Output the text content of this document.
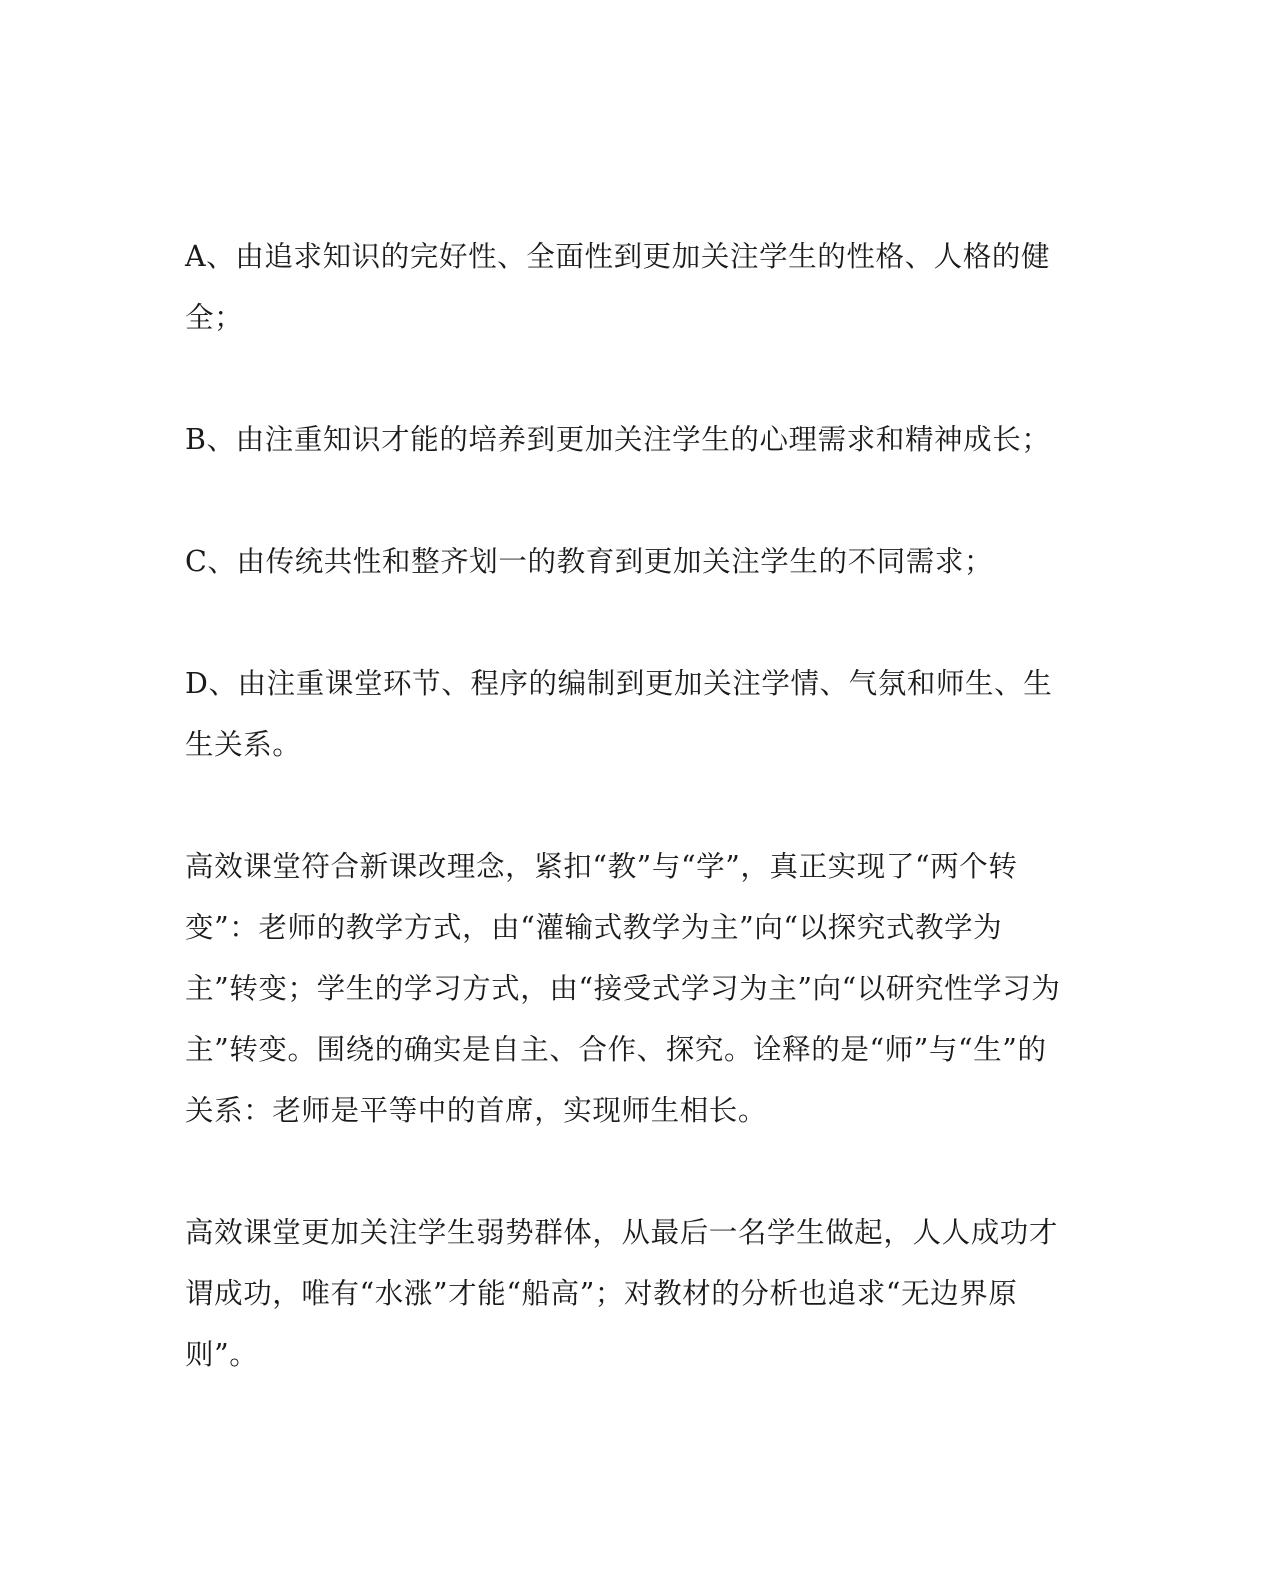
A、由追求知识的完好性、全面性到更加关注学生的性格、人格的健全；

B、由注重知识才能的培养到更加关注学生的心理需求和精神成长；

C、由传统共性和整齐划一的教育到更加关注学生的不同需求；

D、由注重课堂环节、程序的编制到更加关注学情、气氛和师生、生生关系。

高效课堂符合新课改理念，紧扣“教”与“学”，真正实现了“两个转变”：老师的教学方式，由“灌输式教学为主”向“以探究式教学为主”转变；学生的学习方式，由“接受式学习为主”向“以研究性学习为主”转变。围绕的确实是自主、合作、探究。诠释的是“师”与“生”的关系：老师是平等中的首席，实现师生相长。

高效课堂更加关注学生弱势群体，从最后一名学生做起，人人成功才谓成功，唯有“水涨”才能“船高”；对教材的分析也追求“无边界原则”。
